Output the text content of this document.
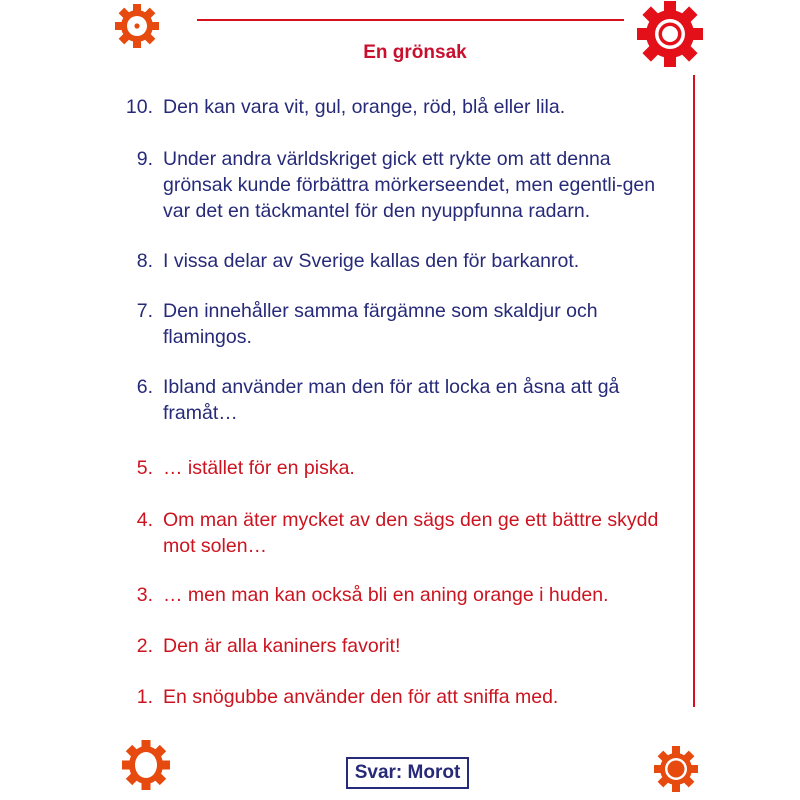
En grönsak
10. Den kan vara vit, gul, orange, röd, blå eller lila.
9. Under andra världskriget gick ett rykte om att denna grönsak kunde förbättra mörkerseendet, men egentli-gen var det en täckmantel för den nyuppfunna radarn.
8. I vissa delar av Sverige kallas den för barkanrot.
7. Den innehåller samma färgämne som skaldjur och flamingos.
6. Ibland använder man den för att locka en åsna att gå framåt…
5. … istället för en piska.
4. Om man äter mycket av den sägs den ge ett bättre skydd mot solen…
3. … men man kan också bli en aning orange i huden.
2. Den är alla kaniners favorit!
1. En snögubbe använder den för att sniffa med.
Svar: Morot
